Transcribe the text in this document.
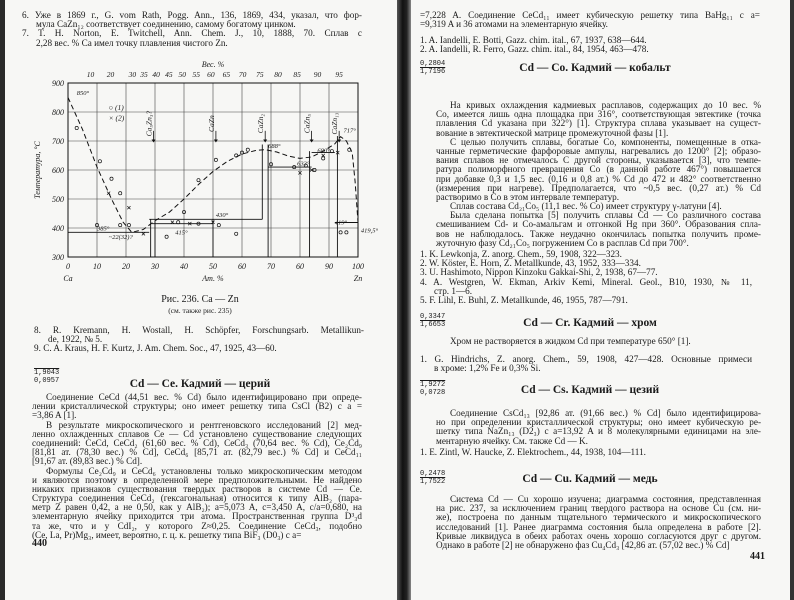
6. Уже в 1869 г., G. vom Rath, Pogg. Ann., 136, 1869, 434, указал, что фор-
мула CaZn₁₂ соответствует соединению, самому богатому цинком.
7. T. H. Norton, E. Twitchell, Ann. Chem. J., 10, 1888, 70. Сплав с
2,28 вес. % Ca имел точку плавления чистого Zn.
300
400
500
600
700
800
900
0	10	20	30	40	50	60	70	60	90 100
10 20 30 35 40 45 50 55 60 65 70 75 80 85 90 95
Вес. %
Ат. %
Ca	Zn
Температура, °C
Ca₅Zn₃?	CaZn	CaZn₂	CaZn₅ CaZn₁₃
850°
385°
~22(32)?
430°
415°
688°
633°
680°
717°
419°
419,5°
○ (1)
× (2)
Рис. 236. Ca — Zn
(см. также рис. 235)
8. R. Kremann, H. Wostall, H. Schöpfer, Forschungsarb. Metallikun-
de, 1922, № 5.
9. C. A. Kraus, H. F. Kurtz, J. Am. Chem. Soc., 47, 1925, 43—60.
1,9043
0,0957	Cd — Ce. Кадмий — церий
Соединение CeCd (44,51 вес. % Cd) было идентифицировано при опреде-
лении кристаллической структуры; оно имеет решетку типа CsCl (B2) с a =
=3,86 A [1].
В результате микроскопического и рентгеновского исследований [2] мед-
ленно охлажденных сплавов Ce — Cd установлено существование следующих
соединений: CeCd, CeCd₂ (61,60 вес. % Cd), CeCd₃ (70,64 вес. % Cd), Ce₂Cd₉
[81,81 ат. (78,30 вес.) % Cd], CeCd₆ [85,71 ат. (82,79 вес.) % Cd] и CeCd₁₁
[91,67 ат. (89,83 вес.) % Cd].
Формулы Ce₂Cd₉ и CeCd₆ установлены только микроскопическим методом
и являются поэтому в определенной мере предположительными. Не найдено
никаких признаков существования твердых растворов в системе Cd — Ce.
Структура соединения CeCd₂ (гексагональная) относится к типу AlB₂ (пара-
метр Z равен 0,42, а не 0,50, как у AlB₂); a=5,073 A, c=3,450 A, c/a=0,680, на
элементарную ячейку приходится три атома. Пространственная группа D³₃d
та же, что и у CdI₂, у которого Z≈0,25. Соединение CeCd₃, подобно
(Ce, La, Pr)Mg₃, имеет, вероятно, г. ц. к. решетку типа BiF₃ (D0₃) с a=
440
=7,228 A. Соединение CeCd₁₁ имеет кубическую решетку типа BaHg₁₁ с a=
=9,319 A и 36 атомами на элементарную ячейку.
1. A. Iandelli, E. Botti, Gazz. chim. ital., 67, 1937, 638—644.
2. A. Iandelli, R. Ferro, Gazz. chim. ital., 84, 1954, 463—478.
0,2804
1,7196	Cd — Co. Кадмий — кобальт
На кривых охлаждения кадмиевых расплавов, содержащих до 10 вес. %
Co, имеется лишь одна площадка при 316°, соответствующая эвтектике (точка
плавления Cd указана при 322°) [1]. Структура сплава указывает на сущест-
вование в эвтектической матрице промежуточной фазы [1].
С целью получить сплавы, богатые Co, компоненты, помещенные в отка-
чанные герметические фарфоровые ампулы, нагревались до 1200° [2]; образо-
вания сплавов не отмечалось С другой стороны, указывается [3], что темпе-
ратура полиморфного превращения Co (в данной работе 467°) повышается
при добавке 0,3 и 1,5 вес. (0,16 и 0,8 ат.) % Cd до 472 и 482° соответственно
(измерения при нагреве). Предполагается, что ~0,5 вес. (0,27 ат.) % Cd
растворимо в Co в этом интервале температур.
Сплав состава Cd₂₁Co₅ (11,1 вес. % Co) имеет структуру γ-латуни [4].
Была сделана попытка [5] получить сплавы Cd — Co различного состава
смешиванием Cd- и Co-амальгам и отгонкой Hg при 360°. Образования спла-
вов не наблюдалось. Также неудачно окончилась попытка получить проме-
жуточную фазу Cd₂₁Co₅ погружением Co в расплав Cd при 700°.
1. K. Lewkonja, Z. anorg. Chem., 59, 1908, 322—323.
2. W. Köster, E. Horn, Z. Metallkunde, 43, 1952, 333—334.
3. U. Hashimoto, Nippon Kinzoku Gakkai-Shi, 2, 1938, 67—77.
4. A. Westgren, W. Ekman, Arkiv Kemi, Mineral. Geol., B10, 1930, № 11,
стр. 1—6.
5. F. Lihl, E. Buhl, Z. Metallkunde, 46, 1955, 787—791.
0,3347
1,6653	Cd — Cr. Кадмий — хром
Хром не растворяется в жидком Cd при температуре 650° [1].
1. G. Hindrichs, Z. anorg. Chem., 59, 1908, 427—428. Основные примеси
в хроме: 1,2% Fe и 0,3% Si.
1,9272
0,0728	Cd — Cs. Кадмий — цезий
Соединение CsCd₁₃ [92,86 ат. (91,66 вес.) % Cd] было идентифицирова-
но при определении кристаллической структуры; оно имеет кубическую ре-
шетку типа NaZn₁₃ (D2₃) с a=13,92 A и 8 молекулярными единицами на эле-
ментарную ячейку. См. также Cd — K.
1. E. Zintl, W. Haucke, Z. Elektrochem., 44, 1938, 104—111.
0,2478
1,7522	Cd — Cu. Кадмий — медь
Система Cd — Cu хорошо изучена; диаграмма состояния, представленная
на рис. 237, за исключением границ твердого раствора на основе Cu (см. ни-
же), построена по данным тщательного термического и микроскопического
исследований [1]. Ранее диаграмма состояния была определена в работе [2].
Кривые ликвидуса в обеих работах очень хорошо согласуются друг с другом.
Однако в работе [2] не обнаружено фаз Cu₄Cd₃ [42,86 ат. (57,02 вес.) % Cd]
441
